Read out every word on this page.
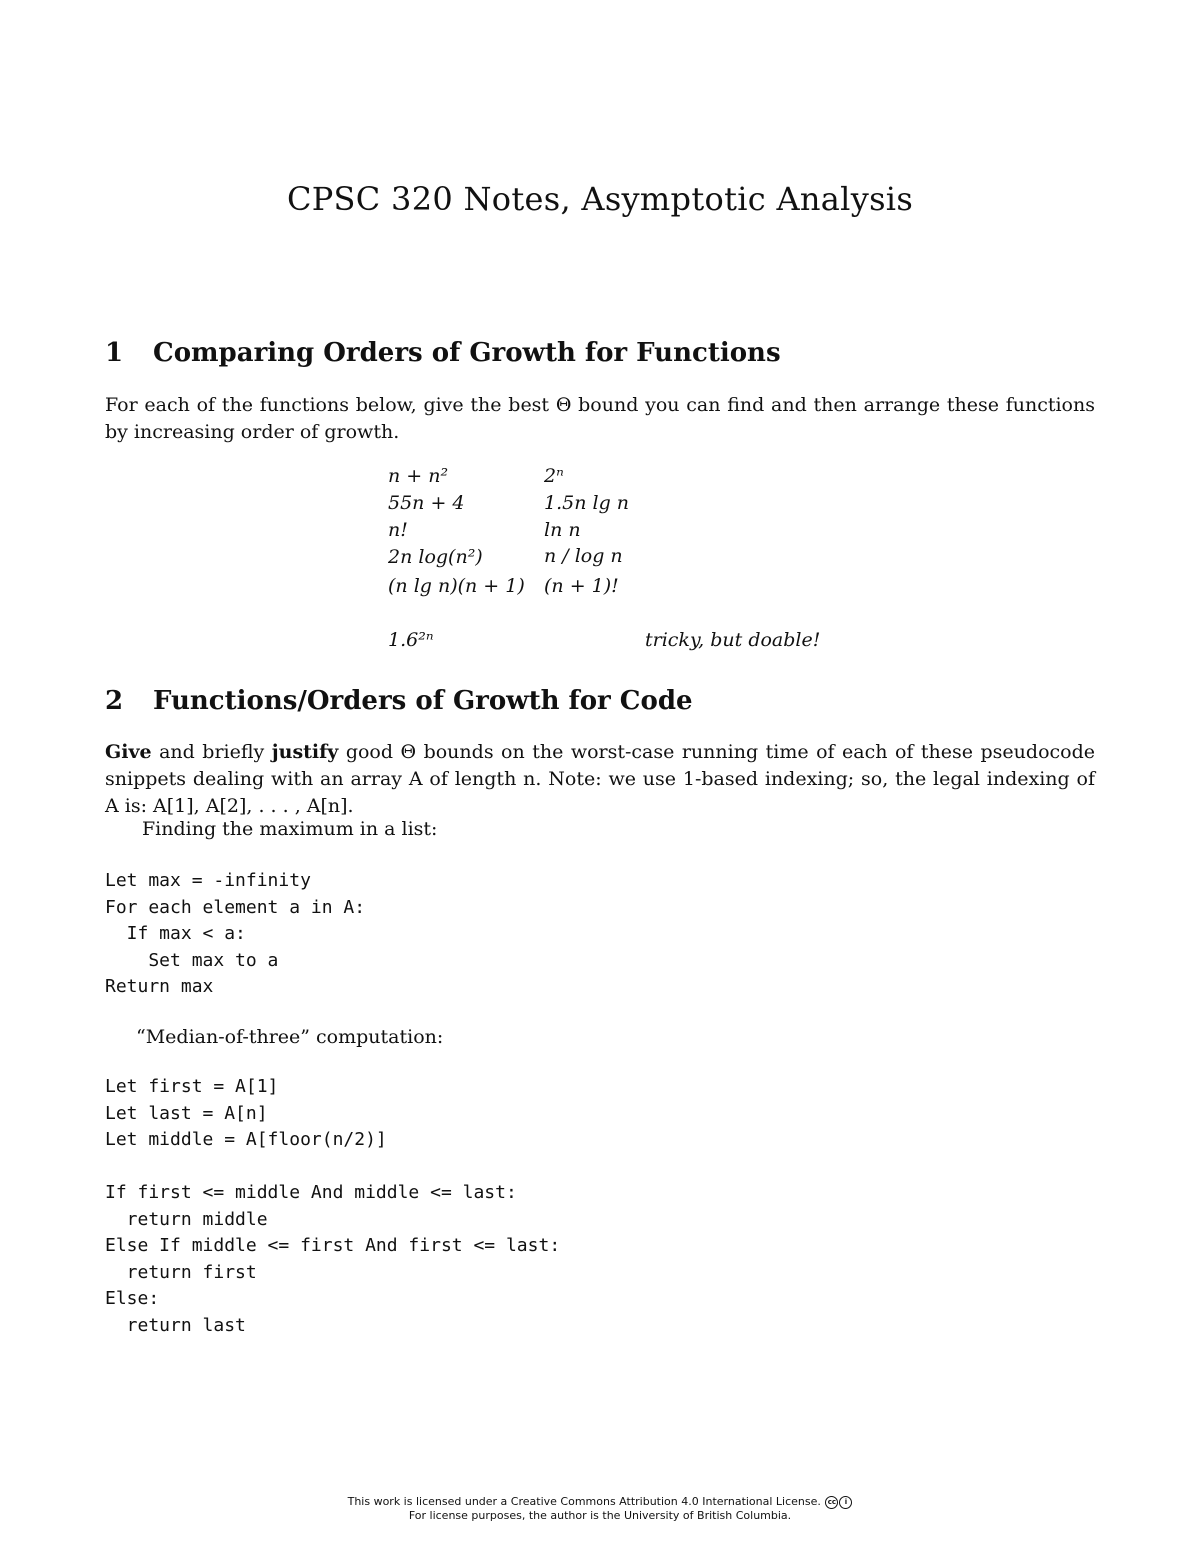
CPSC 320 Notes, Asymptotic Analysis
1 Comparing Orders of Growth for Functions
For each of the functions below, give the best Θ bound you can find and then arrange these functions by increasing order of growth.
n + n²
55n + 4
n!
2n log(n²)
(n lg n)(n + 1)
1.6²ⁿ
2ⁿ
1.5n lg n
ln n
n / log n
(n + 1)!
tricky, but doable!
2 Functions/Orders of Growth for Code
Give and briefly justify good Θ bounds on the worst-case running time of each of these pseudocode snippets dealing with an array A of length n. Note: we use 1-based indexing; so, the legal indexing of A is: A[1], A[2], . . . , A[n].
Finding the maximum in a list:
Let max = -infinity
For each element a in A:
If max < a:
Set max to a
Return max
“Median-of-three” computation:
Let first = A[1]
Let last = A[n]
Let middle = A[floor(n/2)]

If first <= middle And middle <= last:
return middle
Else If middle <= first And first <= last:
return first
Else:
return last
This work is licensed under a Creative Commons Attribution 4.0 International License. cc i
For license purposes, the author is the University of British Columbia.
